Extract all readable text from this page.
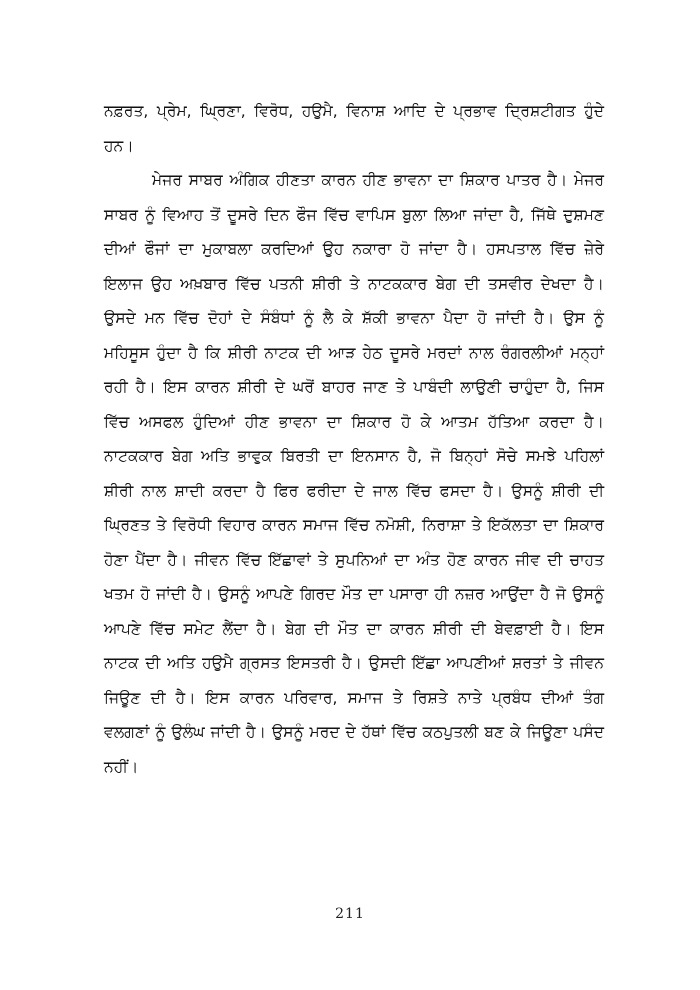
ਨਫ਼ਰਤ, ਪ੍ਰੇਮ, ਘ੍ਰਿਣਾ, ਵਿਰੋਧ, ਹਉਮੈ, ਵਿਨਾਸ਼ ਆਦਿ ਦੇ ਪ੍ਰਭਾਵ ਦ੍ਰਿਸ਼ਟੀਗਤ ਹੁੰਦੇ ਹਨ।

ਮੇਜਰ ਸਾਬਰ ਅੰਗਿਕ ਹੀਣਤਾ ਕਾਰਨ ਹੀਣ ਭਾਵਨਾ ਦਾ ਸ਼ਿਕਾਰ ਪਾਤਰ ਹੈ। ਮੇਜਰ ਸਾਬਰ ਨੂੰ ਵਿਆਹ ਤੋਂ ਦੂਸਰੇ ਦਿਨ ਫੌਜ ਵਿੱਚ ਵਾਪਿਸ ਬੁਲਾ ਲਿਆ ਜਾਂਦਾ ਹੈ, ਜਿੱਥੇ ਦੁਸ਼ਮਣ ਦੀਆਂ ਫੌਜਾਂ ਦਾ ਮੁਕਾਬਲਾ ਕਰਦਿਆਂ ਉਹ ਨਕਾਰਾ ਹੋ ਜਾਂਦਾ ਹੈ। ਹਸਪਤਾਲ ਵਿੱਚ ਜ਼ੇਰੇ ਇਲਾਜ ਉਹ ਅਖ਼ਬਾਰ ਵਿੱਚ ਪਤਨੀ ਸ਼ੀਰੀ ਤੇ ਨਾਟਕਕਾਰ ਬੇਗ ਦੀ ਤਸਵੀਰ ਦੇਖਦਾ ਹੈ। ਉਸਦੇ ਮਨ ਵਿੱਚ ਦੋਹਾਂ ਦੇ ਸੰਬੰਧਾਂ ਨੂੰ ਲੈ ਕੇ ਸ਼ੱਕੀ ਭਾਵਨਾ ਪੈਦਾ ਹੋ ਜਾਂਦੀ ਹੈ। ਉਸ ਨੂੰ ਮਹਿਸੂਸ ਹੁੰਦਾ ਹੈ ਕਿ ਸ਼ੀਰੀ ਨਾਟਕ ਦੀ ਆੜ ਹੇਠ ਦੂਸਰੇ ਮਰਦਾਂ ਨਾਲ ਰੰਗਰਲੀਆਂ ਮਨ੍ਹਾਂ ਰਹੀ ਹੈ। ਇਸ ਕਾਰਨ ਸ਼ੀਰੀ ਦੇ ਘਰੋਂ ਬਾਹਰ ਜਾਣ ਤੇ ਪਾਬੰਦੀ ਲਾਉਣੀ ਚਾਹੁੰਦਾ ਹੈ, ਜਿਸ ਵਿੱਚ ਅਸਫਲ ਹੁੰਦਿਆਂ ਹੀਣ ਭਾਵਨਾ ਦਾ ਸ਼ਿਕਾਰ ਹੋ ਕੇ ਆਤਮ ਹੱਤਿਆ ਕਰਦਾ ਹੈ। ਨਾਟਕਕਾਰ ਬੇਗ ਅਤਿ ਭਾਵੁਕ ਬਿਰਤੀ ਦਾ ਇਨਸਾਨ ਹੈ, ਜੋ ਬਿਨ੍ਹਾਂ ਸੋਚੇ ਸਮਝੇ ਪਹਿਲਾਂ ਸ਼ੀਰੀ ਨਾਲ ਸ਼ਾਦੀ ਕਰਦਾ ਹੈ ਫਿਰ ਫਰੀਦਾ ਦੇ ਜਾਲ ਵਿੱਚ ਫਸਦਾ ਹੈ। ਉਸਨੂੰ ਸ਼ੀਰੀ ਦੀ ਘ੍ਰਿਣਤ ਤੇ ਵਿਰੋਧੀ ਵਿਹਾਰ ਕਾਰਨ ਸਮਾਜ ਵਿੱਚ ਨਮੋਸ਼ੀ, ਨਿਰਾਸ਼ਾ ਤੇ ਇਕੱਲਤਾ ਦਾ ਸ਼ਿਕਾਰ ਹੋਣਾ ਪੈਂਦਾ ਹੈ। ਜੀਵਨ ਵਿੱਚ ਇੱਛਾਵਾਂ ਤੇ ਸੁਪਨਿਆਂ ਦਾ ਅੰਤ ਹੋਣ ਕਾਰਨ ਜੀਵ ਦੀ ਚਾਹਤ ਖਤਮ ਹੋ ਜਾਂਦੀ ਹੈ। ਉਸਨੂੰ ਆਪਣੇ ਗਿਰਦ ਮੌਤ ਦਾ ਪਸਾਰਾ ਹੀ ਨਜ਼ਰ ਆਉਂਦਾ ਹੈ ਜੋ ਉਸਨੂੰ ਆਪਣੇ ਵਿੱਚ ਸਮੇਟ ਲੈਂਦਾ ਹੈ। ਬੇਗ ਦੀ ਮੌਤ ਦਾ ਕਾਰਨ ਸ਼ੀਰੀ ਦੀ ਬੇਵਫ਼ਾਈ ਹੈ। ਇਸ ਨਾਟਕ ਦੀ ਅਤਿ ਹਉਮੈ ਗ੍ਰਸਤ ਇਸਤਰੀ ਹੈ। ਉਸਦੀ ਇੱਛਾ ਆਪਣੀਆਂ ਸ਼ਰਤਾਂ ਤੇ ਜੀਵਨ ਜਿਊਣ ਦੀ ਹੈ। ਇਸ ਕਾਰਨ ਪਰਿਵਾਰ, ਸਮਾਜ ਤੇ ਰਿਸ਼ਤੇ ਨਾਤੇ ਪ੍ਰਬੰਧ ਦੀਆਂ ਤੰਗ ਵਲਗਣਾਂ ਨੂੰ ਉਲੰਘ ਜਾਂਦੀ ਹੈ। ਉਸਨੂੰ ਮਰਦ ਦੇ ਹੱਥਾਂ ਵਿੱਚ ਕਠਪੁਤਲੀ ਬਣ ਕੇ ਜਿਊਣਾ ਪਸੰਦ ਨਹੀਂ।

211
